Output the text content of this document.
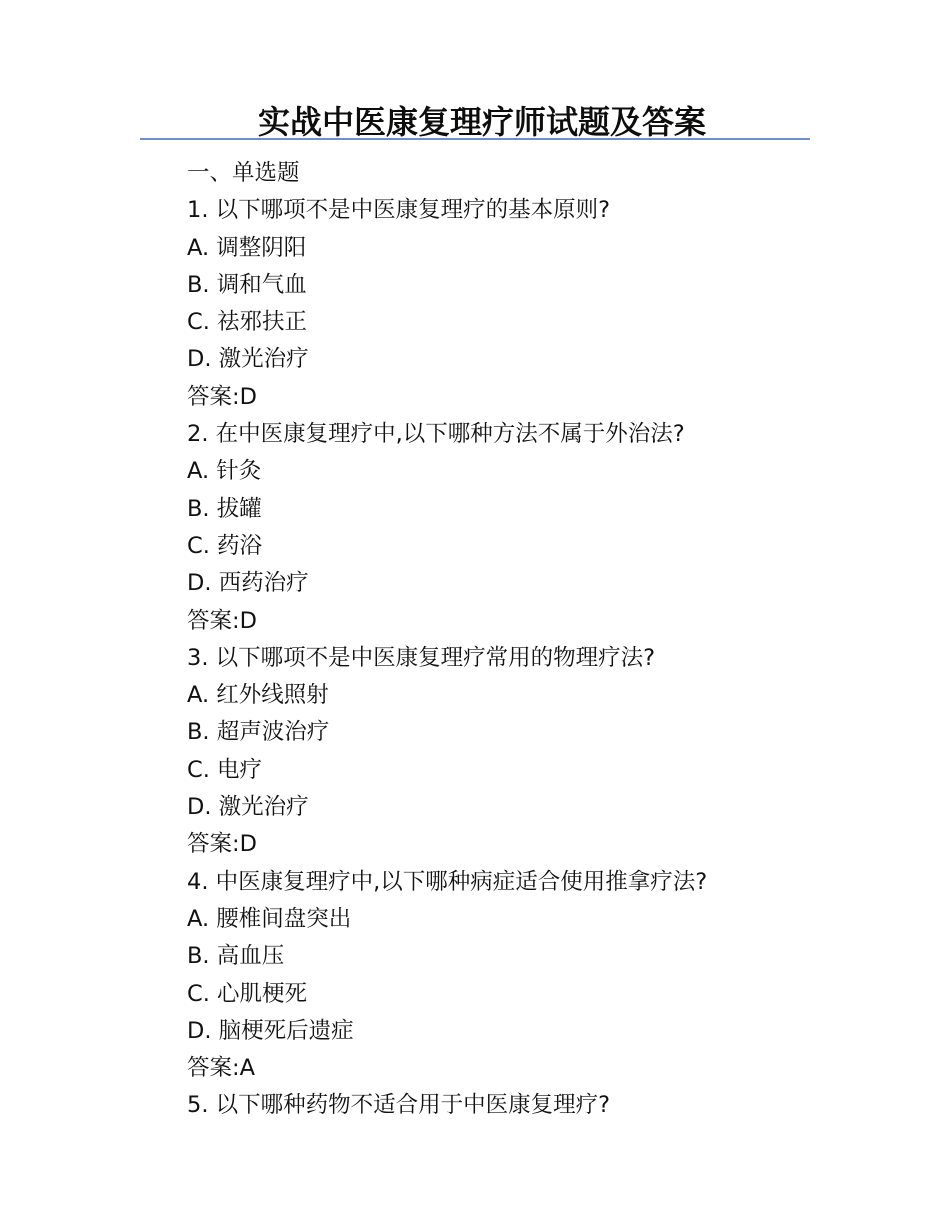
实战中医康复理疗师试题及答案
一、单选题
1. 以下哪项不是中医康复理疗的基本原则?
A. 调整阴阳
B. 调和气血
C. 祛邪扶正
D. 激光治疗
答案:D
2. 在中医康复理疗中,以下哪种方法不属于外治法?
A. 针灸
B. 拔罐
C. 药浴
D. 西药治疗
答案:D
3. 以下哪项不是中医康复理疗常用的物理疗法?
A. 红外线照射
B. 超声波治疗
C. 电疗
D. 激光治疗
答案:D
4. 中医康复理疗中,以下哪种病症适合使用推拿疗法?
A. 腰椎间盘突出
B. 高血压
C. 心肌梗死
D. 脑梗死后遗症
答案:A
5. 以下哪种药物不适合用于中医康复理疗?
